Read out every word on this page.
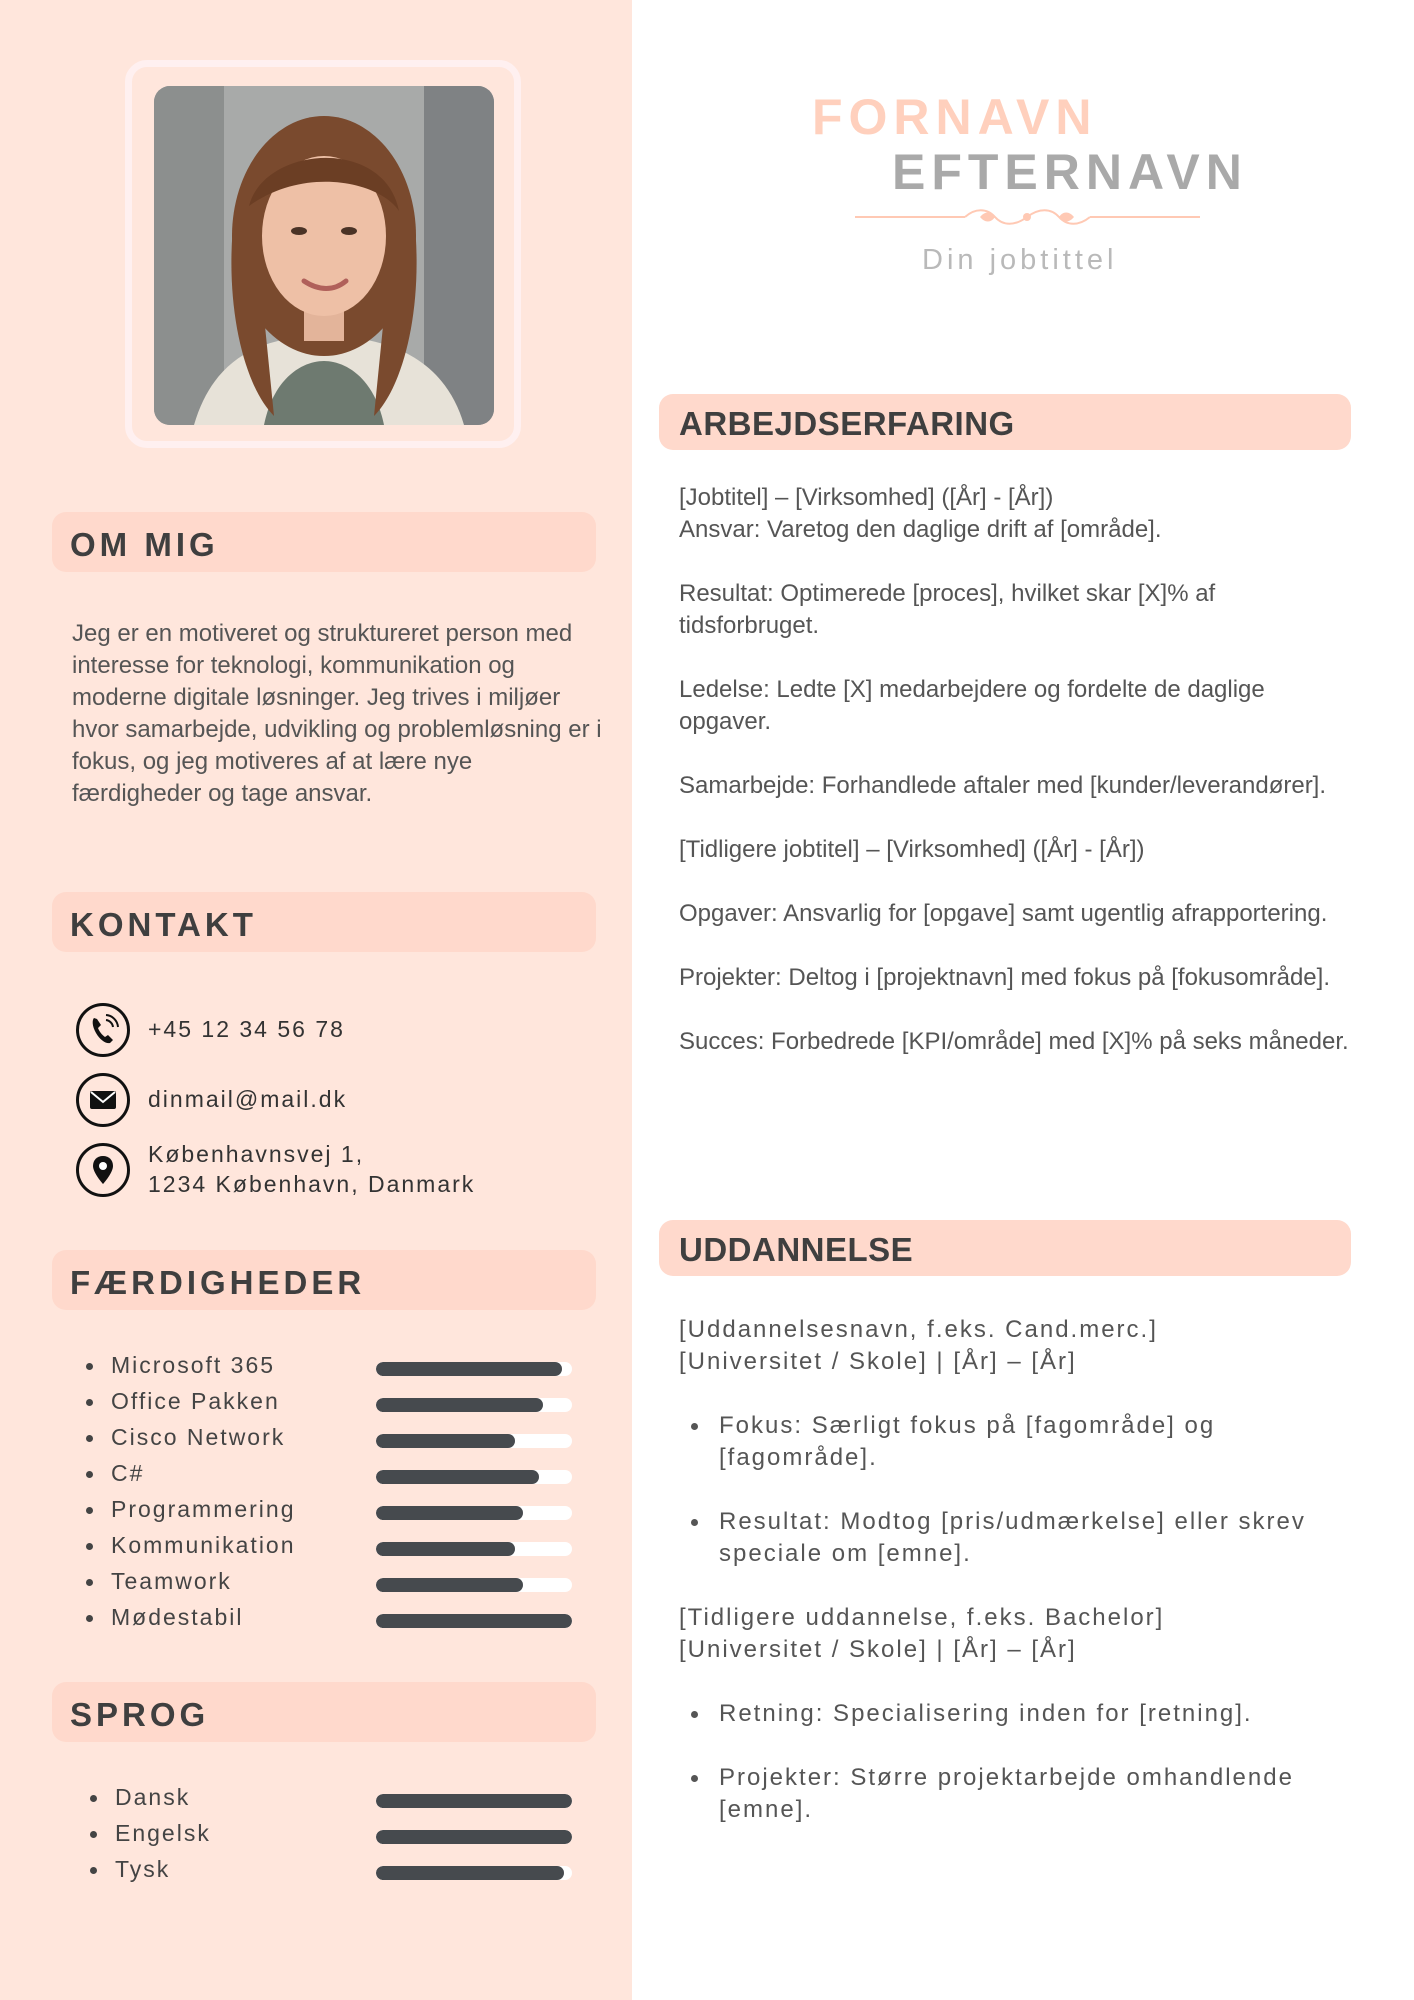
OM MIG
Jeg er en motiveret og struktureret person med interesse for teknologi, kommunikation og moderne digitale løsninger. Jeg trives i miljøer hvor samarbejde, udvikling og problemløsning er i fokus, og jeg motiveres af at lære nye færdigheder og tage ansvar.
KONTAKT
+45 12 34 56 78
dinmail@mail.dk
Københavnsvej 1,
1234 København, Danmark
FÆRDIGHEDER
Microsoft 365
Office Pakken
Cisco Network
C#
Programmering
Kommunikation
Teamwork
Mødestabil
SPROG
Dansk
Engelsk
Tysk
FORNAVN
EFTERNAVN
Din jobtittel
ARBEJDSERFARING

[Jobtitel] – [Virksomhed] ([År] - [År])
Ansvar: Varetog den daglige drift af [område].

Resultat: Optimerede [proces], hvilket skar [X]% af tidsforbruget.

Ledelse: Ledte [X] medarbejdere og fordelte de daglige opgaver.

Samarbejde: Forhandlede aftaler med [kunder/leverandører].

[Tidligere jobtitel] – [Virksomhed] ([År] - [År])

Opgaver: Ansvarlig for [opgave] samt ugentlig afrapportering.

Projekter: Deltog i [projektnavn] med fokus på [fokusområde].

Succes: Forbedrede [KPI/område] med [X]% på seks måneder.

UDDANNELSE

[Uddannelsesnavn, f.eks. Cand.merc.]
[Universitet / Skole] | [År] – [År]

Fokus: Særligt fokus på [fagområde] og [fagområde].
Resultat: Modtog [pris/udmærkelse] eller skrev speciale om [emne].

[Tidligere uddannelse, f.eks. Bachelor]
[Universitet / Skole] | [År] – [År]

Retning: Specialisering inden for [retning].
Projekter: Større projektarbejde omhandlende [emne].
